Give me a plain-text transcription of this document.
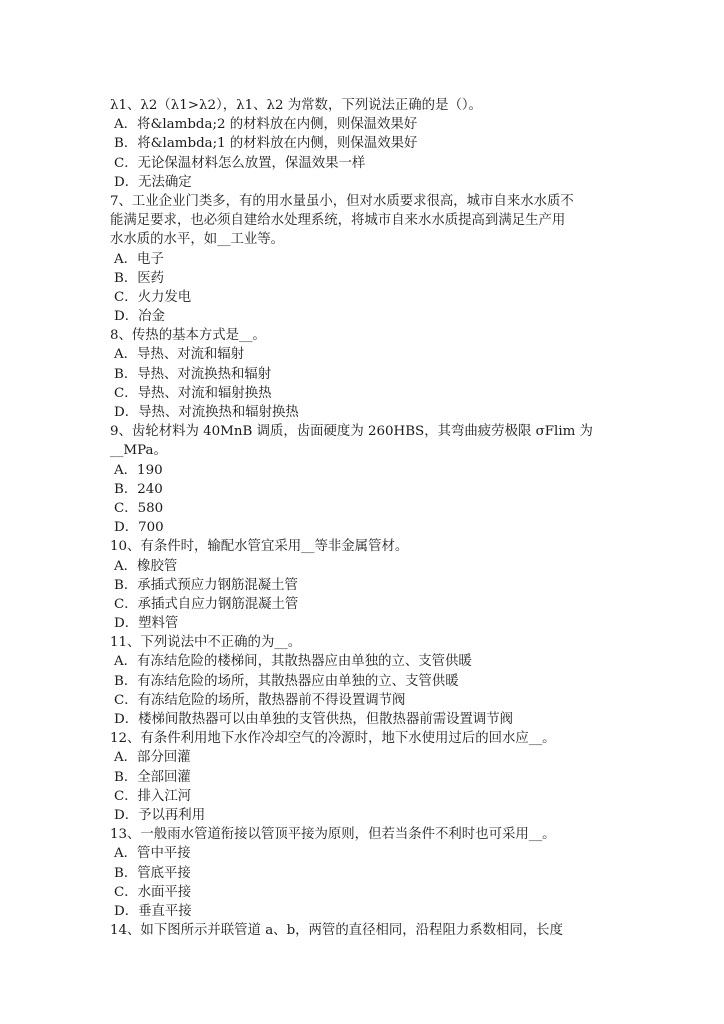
λ1、λ2（λ1>λ2），λ1、λ2 为常数，下列说法正确的是（）。
A．将&lambda;2 的材料放在内侧，则保温效果好
B．将&lambda;1 的材料放在内侧，则保温效果好
C．无论保温材料怎么放置，保温效果一样
D．无法确定
7、工业企业门类多，有的用水量虽小，但对水质要求很高，城市自来水水质不
能满足要求，也必须自建给水处理系统，将城市自来水水质提高到满足生产用
水水质的水平，如__工业等。
A．电子
B．医药
C．火力发电
D．冶金
8、传热的基本方式是__。
A．导热、对流和辐射
B．导热、对流换热和辐射
C．导热、对流和辐射换热
D．导热、对流换热和辐射换热
9、齿轮材料为 40MnB 调质，齿面硬度为 260HBS，其弯曲疲劳极限 σFlim 为
__MPa。
A．190
B．240
C．580
D．700
10、有条件时，输配水管宜采用__等非金属管材。
A．橡胶管
B．承插式预应力钢筋混凝土管
C．承插式自应力钢筋混凝土管
D．塑料管
11、下列说法中不正确的为__。
A．有冻结危险的楼梯间，其散热器应由单独的立、支管供暖
B．有冻结危险的场所，其散热器应由单独的立、支管供暖
C．有冻结危险的场所，散热器前不得设置调节阀
D．楼梯间散热器可以由单独的支管供热，但散热器前需设置调节阀
12、有条件利用地下水作冷却空气的冷源时，地下水使用过后的回水应__。
A．部分回灌
B．全部回灌
C．排入江河
D．予以再利用
13、一般雨水管道衔接以管顶平接为原则，但若当条件不利时也可采用__。
A．管中平接
B．管底平接
C．水面平接
D．垂直平接
14、如下图所示并联管道 a、b，两管的直径相同，沿程阻力系数相同，长度
